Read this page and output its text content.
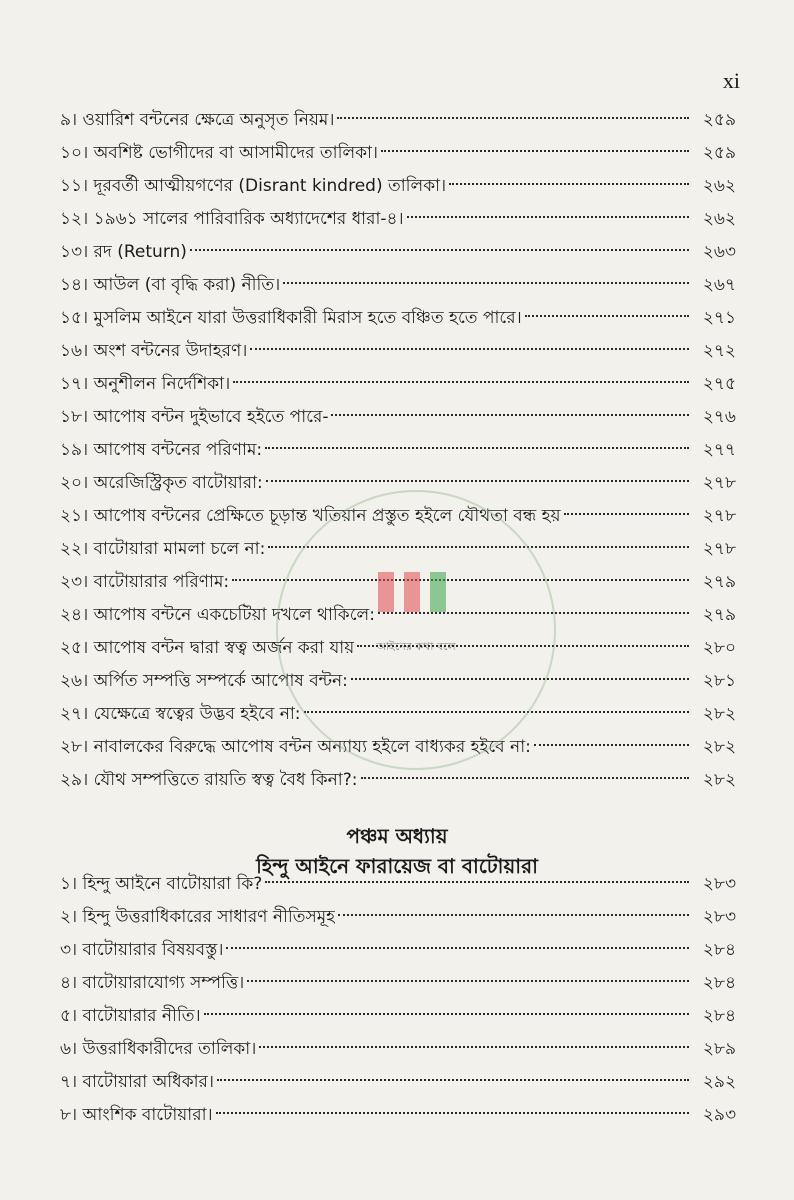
xi
৯। ওয়ারিশ বন্টনের ক্ষেত্রে অনুসৃত নিয়ম।	২৫৯
১০। অবশিষ্ট ভোগীদের বা আসামীদের তালিকা।	২৫৯
১১। দূরবর্তী আত্মীয়গণের (Disrant kindred) তালিকা।	২৬২
১২। ১৯৬১ সালের পারিবারিক অধ্যাদেশের ধারা-৪।	২৬২
১৩। রদ (Return)	২৬৩
১৪। আউল (বা বৃদ্ধি করা) নীতি।	২৬৭
১৫। মুসলিম আইনে যারা উত্তরাধিকারী মিরাস হতে বঞ্চিত হতে পারে।	২৭১
১৬। অংশ বন্টনের উদাহরণ।	২৭২
১৭। অনুশীলন নির্দেশিকা।	২৭৫
১৮। আপোষ বন্টন দুইভাবে হইতে পারে-	২৭৬
১৯। আপোষ বন্টনের পরিণাম:	২৭৭
২০। অরেজিস্ট্রিকৃত বাটোয়ারা:	২৭৮
২১। আপোষ বন্টনের প্রেক্ষিতে চূড়ান্ত খতিয়ান প্রস্তুত হইলে যৌথতা বন্ধ হয়	২৭৮
২২। বাটোয়ারা মামলা চলে না:	২৭৮
২৩। বাটোয়ারার পরিণাম:	২৭৯
২৪। আপোষ বন্টনে একচেটিয়া দখলে থাকিলে:	২৭৯
২৫। আপোষ বন্টন দ্বারা স্বত্ব অর্জন করা যায়	২৮০
২৬। অর্পিত সম্পত্তি সম্পর্কে আপোষ বন্টন:	২৮১
২৭। যেক্ষেত্রে স্বত্বের উদ্ভব হইবে না:	২৮২
২৮। নাবালকের বিরুদ্ধে আপোষ বন্টন অন্যায্য হইলে বাধ্যকর হইবে না:	২৮২
২৯। যৌথ সম্পত্তিতে রায়তি স্বত্ব বৈধ কিনা?:	২৮২
পঞ্চম অধ্যায়
হিন্দু আইনে ফারায়েজ বা বাটোয়ারা
১। হিন্দু আইনে বাটোয়ারা কি?	২৮৩
২। হিন্দু উত্তরাধিকারের সাধারণ নীতিসমূহ	২৮৩
৩। বাটোয়ারার বিষয়বস্তু।	২৮৪
৪। বাটোয়ারাযোগ্য সম্পত্তি।	২৮৪
৫। বাটোয়ারার নীতি।	২৮৪
৬। উত্তরাধিকারীদের তালিকা।	২৮৯
৭। বাটোয়ারা অধিকার।	২৯২
৮। আংশিক বাটোয়ারা।	২৯৩
আইনের কথা বলে
